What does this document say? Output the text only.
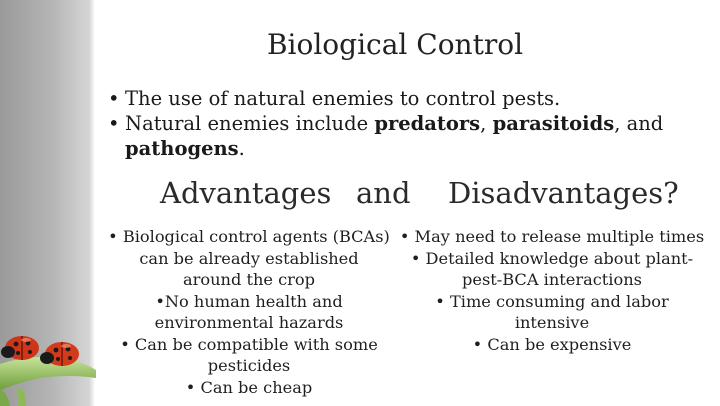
Biological Control
• The use of natural enemies to control pests.
• Natural enemies include predators, parasitoids, and pathogens.
Advantages and Disadvantages?

• Biological control agents (BCAs) can be already established around the crop

•No human health and environmental hazards

• Can be compatible with some pesticides

• Can be cheap

• May need to release multiple times

• Detailed knowledge about plant-pest-BCA interactions

• Time consuming and labor intensive

• Can be expensive
